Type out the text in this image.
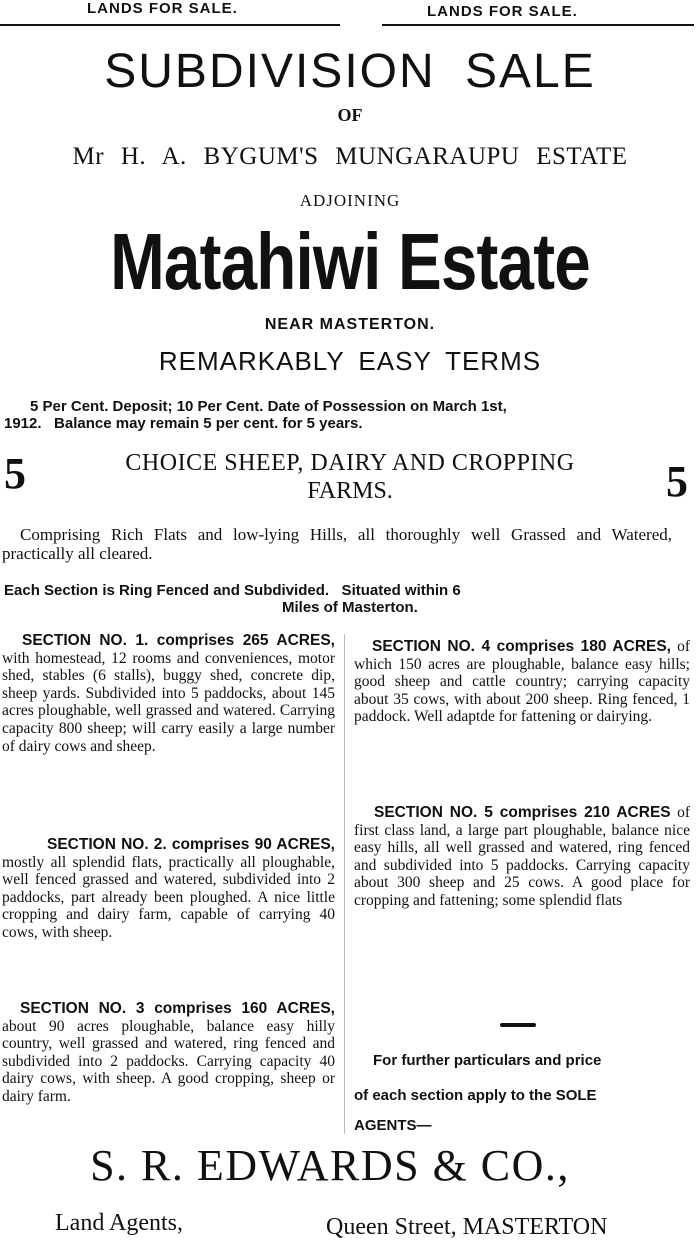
LANDS FOR SALE.	LANDS FOR SALE.
SUBDIVISION SALE
OF
Mr H. A. BYGUM'S MUNGARAUPU ESTATE
ADJOINING
Matahiwi Estate
NEAR MASTERTON.
REMARKABLY EASY TERMS
5 Per Cent. Deposit; 10 Per Cent. Date of Possession on March 1st,
1912.   Balance may remain 5 per cent. for 5 years.
5	5
CHOICE SHEEP, DAIRY AND CROPPING
FARMS.
Comprising Rich Flats and low-lying Hills, all thoroughly well Grassed and Watered, practically all cleared.
Each Section is Ring Fenced and Subdivided.   Situated within 6
Miles of Masterton.

SECTION NO. 1. comprises 265 ACRES, with homestead, 12 rooms and conveniences, motor shed, stables (6 stalls), buggy shed, concrete dip, sheep yards. Subdivided into 5 paddocks, about 145 acres ploughable, well grassed and watered. Carrying capacity 800 sheep; will carry easily a large number of dairy cows and sheep.

SECTION NO. 2. comprises 90 ACRES, mostly all splendid flats, practically all ploughable, well fenced grassed and watered, subdivided into 2 paddocks, part already been ploughed. A nice little cropping and dairy farm, capable of carrying 40 cows, with sheep.

SECTION NO. 3 comprises 160 ACRES, about 90 acres ploughable, balance easy hilly country, well grassed and watered, ring fenced and subdivided into 2 paddocks. Carrying capacity 40 dairy cows, with sheep. A good cropping, sheep or dairy farm.

SECTION NO. 4 comprises 180 ACRES, of which 150 acres are ploughable, balance easy hills; good sheep and cattle country; carrying capacity about 35 cows, with about 200 sheep. Ring fenced, 1 paddock. Well adaptde for fattening or dairying.

SECTION NO. 5 comprises 210 ACRES of first class land, a large part ploughable, balance nice easy hills, all well grassed and watered, ring fenced and subdivided into 5 paddocks. Carrying capacity about 300 sheep and 25 cows. A good place for cropping and fattening; some splendid flats

For further particulars and price
of each section apply to the SOLE
AGENTS—
S. R. EDWARDS & CO.,
Land Agents,	Queen Street, MASTERTON
